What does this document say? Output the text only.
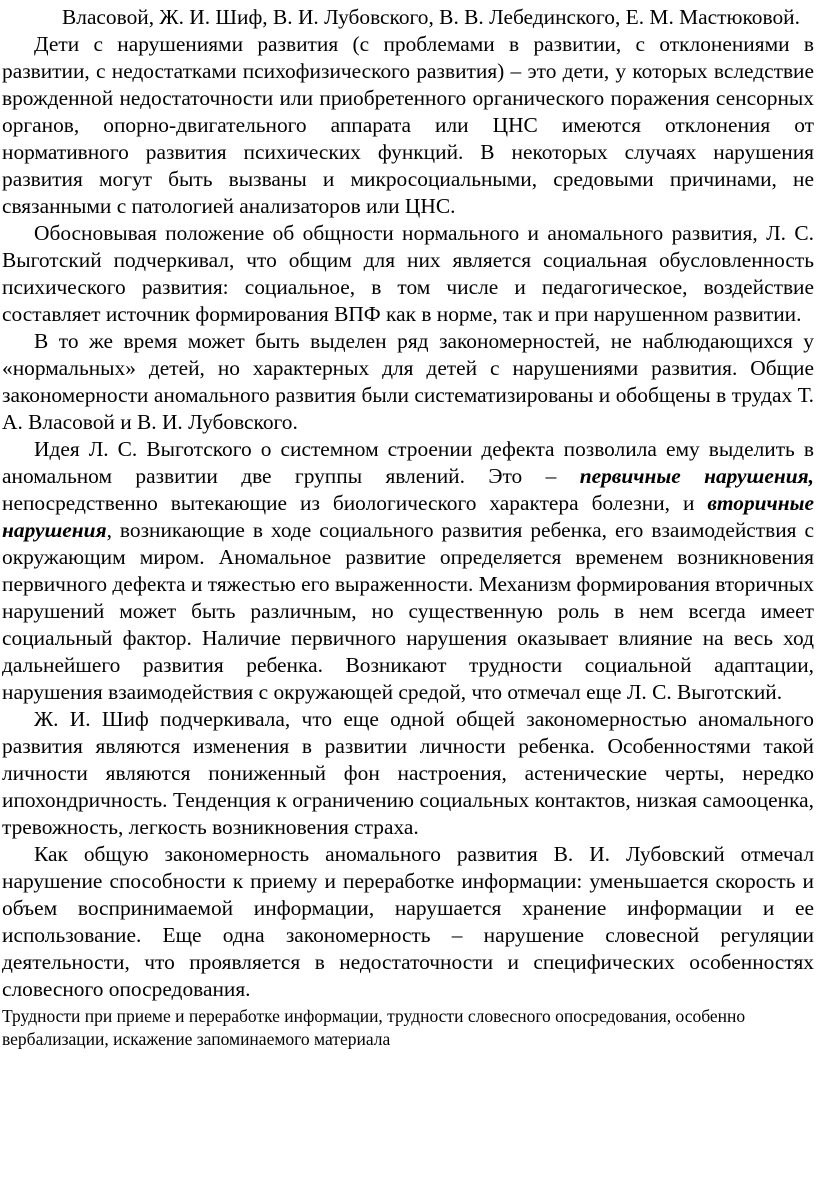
Власовой, Ж. И. Шиф, В. И. Лубовского, В. В. Лебединского, Е. М. Мастюковой.

Дети с нарушениями развития (с проблемами в развитии, с отклонениями в развитии, с недостатками психофизического развития) – это дети, у которых вследствие врожденной недостаточности или приобретенного органического поражения сенсорных органов, опорно-двигательного аппарата или ЦНС имеются отклонения от нормативного развития психических функций. В некоторых случаях нарушения развития могут быть вызваны и микросоциальными, средовыми причинами, не связанными с патологией анализаторов или ЦНС.

Обосновывая положение об общности нормального и аномального развития, Л. С. Выготский подчеркивал, что общим для них является социальная обусловленность психического развития: социальное, в том числе и педагогическое, воздействие составляет источник формирования ВПФ как в норме, так и при нарушенном развитии.

В то же время может быть выделен ряд закономерностей, не наблюдающихся у «нормальных» детей, но характерных для детей с нарушениями развития. Общие закономерности аномального развития были систематизированы и обобщены в трудах Т. А. Власовой и В. И. Лубовского.

Идея Л. С. Выготского о системном строении дефекта позволила ему выделить в аномальном развитии две группы явлений. Это – первичные нарушения, непосредственно вытекающие из биологического характера болезни, и вторичные нарушения, возникающие в ходе социального развития ребенка, его взаимодействия с окружающим миром. Аномальное развитие определяется временем возникновения первичного дефекта и тяжестью его выраженности. Механизм формирования вторичных нарушений может быть различным, но существенную роль в нем всегда имеет социальный фактор. Наличие первичного нарушения оказывает влияние на весь ход дальнейшего развития ребенка. Возникают трудности социальной адаптации, нарушения взаимодействия с окружающей средой, что отмечал еще Л. С. Выготский.

Ж. И. Шиф подчеркивала, что еще одной общей закономерностью аномального развития являются изменения в развитии личности ребенка. Особенностями такой личности являются пониженный фон настроения, астенические черты, нередко ипохондричность. Тенденция к ограничению социальных контактов, низкая самооценка, тревожность, легкость возникновения страха.

Как общую закономерность аномального развития В. И. Лубовский отмечал нарушение способности к приему и переработке информации: уменьшается скорость и объем воспринимаемой информации, нарушается хранение информации и ее использование. Еще одна закономерность – нарушение словесной регуляции деятельности, что проявляется в недостаточности и специфических особенностях словесного опосредования.

Трудности при приеме и переработке информации, трудности словесного опосредования, особенно вербализации, искажение запоминаемого материала
